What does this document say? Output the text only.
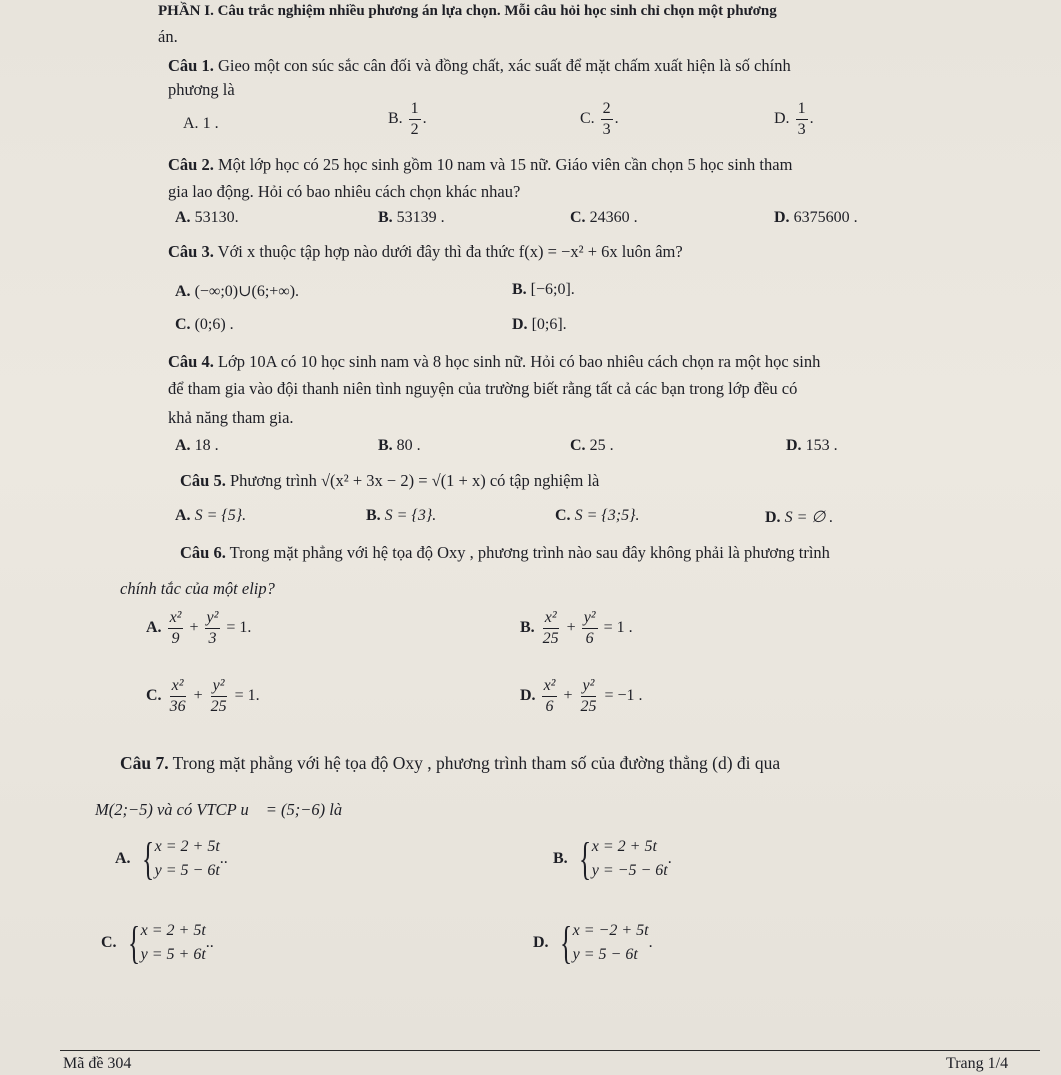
PHẦN I. Câu trắc nghiệm nhiều phương án lựa chọn. Mỗi câu hỏi học sinh chỉ chọn một phương
án.
Câu 1. Gieo một con súc sắc cân đối và đồng chất, xác suất để mặt chấm xuất hiện là số chính
phương là
A. 1 .	B. $\frac{1}{2}$ .	C. $\frac{2}{3}$ .	D. $\frac{1}{3}$ .
Câu 2. Một lớp học có 25 học sinh gồm 10 nam và 15 nữ. Giáo viên cần chọn 5 học sinh tham
gia lao động. Hỏi có bao nhiêu cách chọn khác nhau?
A. 53130.	B. 53139 .	C. 24360 .	D. 6375600 .
Câu 3. Với x thuộc tập hợp nào dưới đây thì đa thức f(x) = −x² + 6x luôn âm?
A. (−∞;0)∪(6;+∞).	B. [−6;0].
C. (0;6) .	D. [0;6].
Câu 4. Lớp 10A có 10 học sinh nam và 8 học sinh nữ. Hỏi có bao nhiêu cách chọn ra một học sinh
để tham gia vào đội thanh niên tình nguyện của trường biết rằng tất cả các bạn trong lớp đều có
khả năng tham gia.
A. 18 .	B. 80 .	C. 25 .	D. 153 .
Câu 5. Phương trình √(x² + 3x − 2) = √(1 + x) có tập nghiệm là
A. S = {5}.	B. S = {3}.	C. S = {3;5}.	D. S = ∅ .
Câu 6. Trong mặt phẳng với hệ tọa độ Oxy , phương trình nào sau đây không phải là phương trình
chính tắc của một elip?
A. $\frac{\text{x²}}{9} + \frac{\text{y²}}{3} = 1$.	B. $\frac{\text{x²}}{25} + \frac{\text{y²}}{6} = 1$ .
C. $\frac{\text{x²}}{36} + \frac{\text{y²}}{25} = 1$.	D. $\frac{\text{x²}}{6} + \frac{\text{y²}}{25} = -1$ .
Câu 7. Trong mặt phẳng với hệ tọa độ Oxy , phương trình tham số của đường thẳng (d) đi qua
M(2;−5) và có VTCP u⃗ = (5;−6) là
A. { x = 2 + 5t
y = 5 − 6t
..	B. { x = 2 + 5t
y = −5 − 6t
.
C. { x = 2 + 5t
y = 5 + 6t
..	D. { x = −2 + 5t
y = 5 − 6t
.
Mã đề 304	Trang 1/4
